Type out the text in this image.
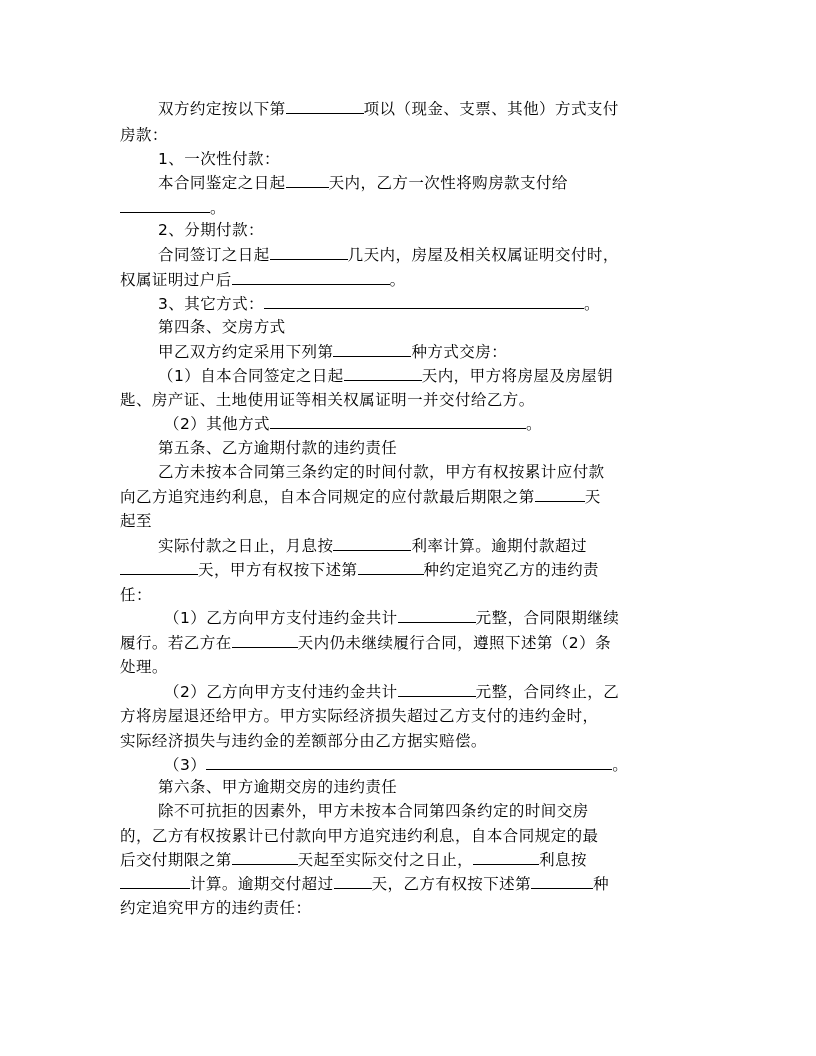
双方约定按以下第	项以（现金、支票、其他）方式支付
房款：
1、一次性付款：
本合同鉴定之日起	天内，乙方一次性将购房款支付给
。
2、分期付款：
合同签订之日起	几天内，房屋及相关权属证明交付时，
权属证明过户后	。
3、其它方式：	。
第四条、交房方式
甲乙双方约定采用下列第	种方式交房：
（1）自本合同签定之日起	天内，甲方将房屋及房屋钥
匙、房产证、土地使用证等相关权属证明一并交付给乙方。
（2）其他方式	。
第五条、乙方逾期付款的违约责任
乙方未按本合同第三条约定的时间付款，甲方有权按累计应付款
向乙方追究违约利息，自本合同规定的应付款最后期限之第	天
起至
实际付款之日止，月息按	利率计算。逾期付款超过
天，甲方有权按下述第	种约定追究乙方的违约责
任：
（1）乙方向甲方支付违约金共计	元整，合同限期继续
履行。若乙方在	天内仍未继续履行合同，遵照下述第（2）条
处理。
（2）乙方向甲方支付违约金共计	元整，合同终止，乙
方将房屋退还给甲方。甲方实际经济损失超过乙方支付的违约金时，
实际经济损失与违约金的差额部分由乙方据实赔偿。
（3）	。
第六条、甲方逾期交房的违约责任
除不可抗拒的因素外，甲方未按本合同第四条约定的时间交房
的，乙方有权按累计已付款向甲方追究违约利息，自本合同规定的最
后交付期限之第	天起至实际交付之日止，	利息按
计算。逾期交付超过 天，乙方有权按下述第	种
约定追究甲方的违约责任：
